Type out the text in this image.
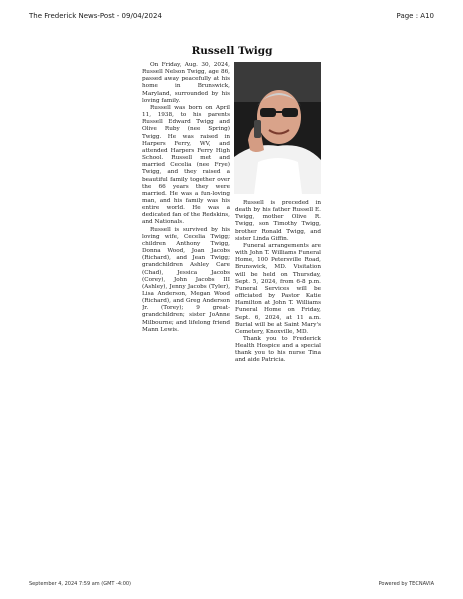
The Frederick News-Post - 09/04/2024	Page : A10
Russell Twigg

On Friday, Aug. 30, 2024, Russell Nelson Twigg, age 86, passed away peacefully at his home in Brunswick, Maryland, surrounded by his loving family.

Russell was born on April 11, 1938, to his parents Russell Edward Twigg and Olive Ruby (nee Spring) Twigg. He was raised in Harpers Ferry, WV, and attended Harpers Ferry High School. Russell met and married Cecelia (nee Frye) Twigg, and they raised a beautiful family together over the 66 years they were married. He was a fun-loving man, and his family was his entire world. He was a dedicated fan of the Redskins, and Nationals.

Russell is survived by his loving wife, Cecelia Twigg; children Anthony Twigg, Donna Wood, Joan Jacobs (Richard), and Jean Twigg; grandchildren Ashley Care (Chad), Jessica Jacobs (Corey), John Jacobs III (Ashley), Jenny Jacobs (Tyler), Lisa Anderson, Megan Wood (Richard), and Greg Anderson Jr. (Torey); 9 great-grandchildren; sister JoAnne Milbourne; and lifelong friend Mann Lewis.

Russell is preceded in death by his father Russell E. Twigg, mother Olive R. Twigg, son Timothy Twigg, brother Ronald Twigg, and sister Linda Giffin.

Funeral arrangements are with John T. Williams Funeral Home, 100 Petersville Road, Brunswick, MD. Visitation will be held on Thursday, Sept. 5, 2024, from 6-8 p.m. Funeral Services will be officiated by Pastor Katie Hamilton at John T. Williams Funeral Home on Friday, Sept. 6, 2024, at 11 a.m. Burial will be at Saint Mary's Cemetery, Knoxville, MD.

Thank you to Frederick Health Hospice and a special thank you to his nurse Tina and aide Patricia.

September 4, 2024 7:59 am (GMT -4:00)	Powered by TECNAVIA
